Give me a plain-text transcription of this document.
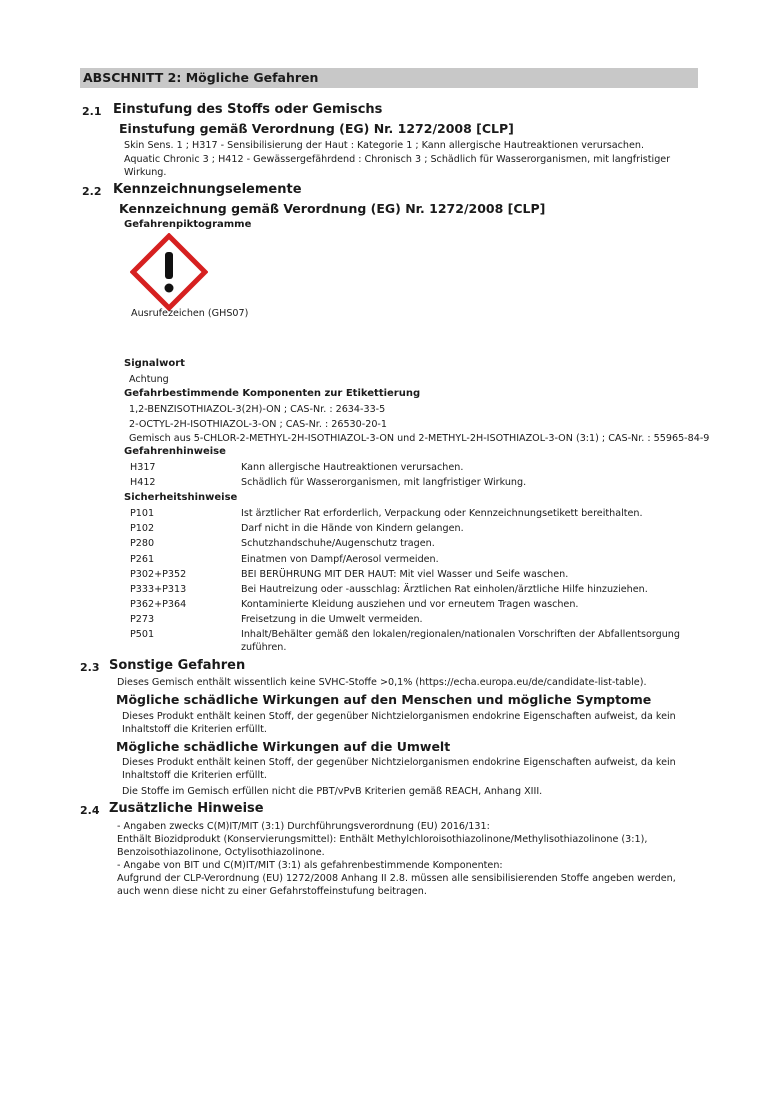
ABSCHNITT 2: Mögliche Gefahren
2.1 Einstufung des Stoffs oder Gemischs
Einstufung gemäß Verordnung (EG) Nr. 1272/2008 [CLP]
Skin Sens. 1 ; H317 - Sensibilisierung der Haut : Kategorie 1 ; Kann allergische Hautreaktionen verursachen.
Aquatic Chronic 3 ; H412 - Gewässergefährdend : Chronisch 3 ; Schädlich für Wasserorganismen, mit langfristiger
Wirkung.
2.2 Kennzeichnungselemente
Kennzeichnung gemäß Verordnung (EG) Nr. 1272/2008 [CLP]
Gefahrenpiktogramme
Ausrufezeichen (GHS07)
Signalwort
Achtung
Gefahrbestimmende Komponenten zur Etikettierung
1,2-BENZISOTHIAZOL-3(2H)-ON ; CAS-Nr. : 2634-33-5
2-OCTYL-2H-ISOTHIAZOL-3-ON ; CAS-Nr. : 26530-20-1
Gemisch aus 5-CHLOR-2-METHYL-2H-ISOTHIAZOL-3-ON und 2-METHYL-2H-ISOTHIAZOL-3-ON (3:1) ; CAS-Nr. : 55965-84-9
Gefahrenhinweise
H317	Kann allergische Hautreaktionen verursachen.
H412	Schädlich für Wasserorganismen, mit langfristiger Wirkung.
Sicherheitshinweise
P101	Ist ärztlicher Rat erforderlich, Verpackung oder Kennzeichnungsetikett bereithalten.
P102	Darf nicht in die Hände von Kindern gelangen.
P280	Schutzhandschuhe/Augenschutz tragen.
P261	Einatmen von Dampf/Aerosol vermeiden.
P302+P352	BEI BERÜHRUNG MIT DER HAUT: Mit viel Wasser und Seife waschen.
P333+P313	Bei Hautreizung oder -ausschlag: Ärztlichen Rat einholen/ärztliche Hilfe hinzuziehen.
P362+P364	Kontaminierte Kleidung ausziehen und vor erneutem Tragen waschen.
P273	Freisetzung in die Umwelt vermeiden.
P501	Inhalt/Behälter gemäß den lokalen/regionalen/nationalen Vorschriften der Abfallentsorgung zuführen.
2.3 Sonstige Gefahren
Dieses Gemisch enthält wissentlich keine SVHC-Stoffe >0,1% (https://echa.europa.eu/de/candidate-list-table).
Mögliche schädliche Wirkungen auf den Menschen und mögliche Symptome
Dieses Produkt enthält keinen Stoff, der gegenüber Nichtzielorganismen endokrine Eigenschaften aufweist, da kein Inhaltstoff die Kriterien erfüllt.
Mögliche schädliche Wirkungen auf die Umwelt
Dieses Produkt enthält keinen Stoff, der gegenüber Nichtzielorganismen endokrine Eigenschaften aufweist, da kein Inhaltstoff die Kriterien erfüllt.
Die Stoffe im Gemisch erfüllen nicht die PBT/vPvB Kriterien gemäß REACH, Anhang XIII.
2.4 Zusätzliche Hinweise
- Angaben zwecks C(M)IT/MIT (3:1) Durchführungsverordnung (EU) 2016/131:
Enthält Biozidprodukt (Konservierungsmittel): Enthält Methylchloroisothiazolinone/Methylisothiazolinone (3:1),
Benzoisothiazolinone, Octylisothiazolinone.
- Angabe von BIT und C(M)IT/MIT (3:1) als gefahrenbestimmende Komponenten:
Aufgrund der CLP-Verordnung (EU) 1272/2008 Anhang II 2.8. müssen alle sensibilisierenden Stoffe angeben werden,
auch wenn diese nicht zu einer Gefahrstoffeinstufung beitragen.
